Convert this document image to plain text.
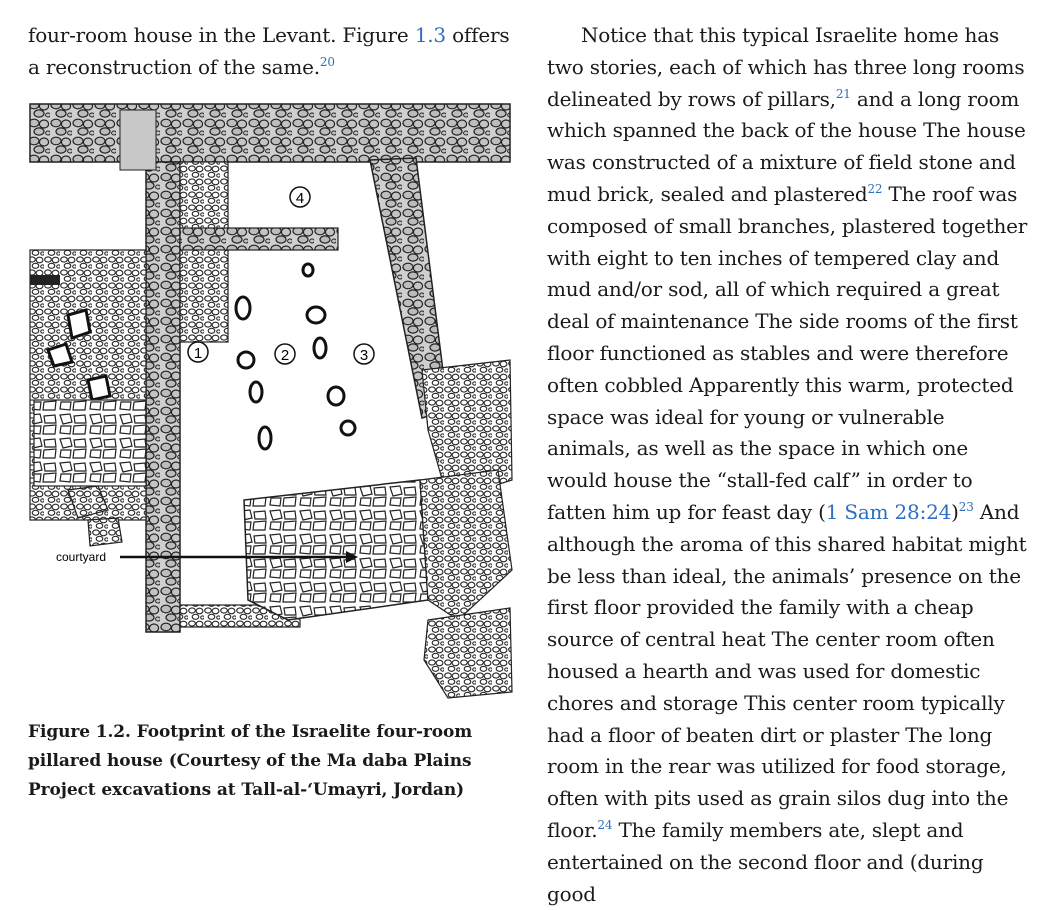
four-room house in the Levant. Figure 1.3 offers a reconstruction of the same.$^{20}$

4
1	2	3
courtyard
Figure 1.2. Footprint of the Israelite four-room pillared house (Courtesy of the Ma daba Plains Project excavations at Tall-al-‘Umayri, Jordan)

Notice that this typical Israelite home has two stories, each of which has three long rooms delineated by rows of pillars,$^{21}$ and a long room which spanned the back of the house The house was constructed of a mixture of field stone and mud brick, sealed and plastered$^{22}$ The roof was composed of small branches, plastered together with eight to ten inches of tempered clay and mud and/or sod, all of which required a great deal of maintenance The side rooms of the first floor functioned as stables and were therefore often cobbled Apparently this warm, protected space was ideal for young or vulnerable animals, as well as the space in which one would house the “stall-fed calf” in order to fatten him up for feast day (1 Sam 28:24)$^{23}$ And although the aroma of this shared habitat might be less than ideal, the animals’ presence on the first floor provided the family with a cheap source of central heat The center room often housed a hearth and was used for domestic chores and storage This center room typically had a floor of beaten dirt or plaster The long room in the rear was utilized for food storage, often with pits used as grain silos dug into the floor.$^{24}$ The family members ate, slept and entertained on the second floor and (during good
